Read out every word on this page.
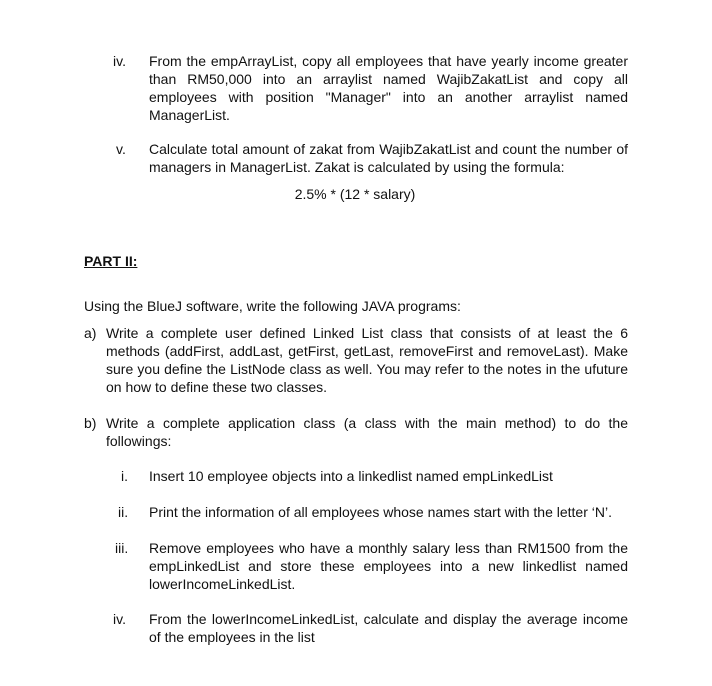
iv. From the empArrayList, copy all employees that have yearly income greater than RM50,000 into an arraylist named WajibZakatList and copy all employees with position "Manager" into an another arraylist named ManagerList.

v. Calculate total amount of zakat from WajibZakatList and count the number of managers in ManagerList. Zakat is calculated by using the formula:

2.5% * (12 * salary)
PART II:

Using the BlueJ software, write the following JAVA programs:

a) Write a complete user defined Linked List class that consists of at least the 6 methods (addFirst, addLast, getFirst, getLast, removeFirst and removeLast). Make sure you define the ListNode class as well. You may refer to the notes in the ufuture on how to define these two classes.

b) Write a complete application class (a class with the main method) to do the followings:

i. Insert 10 employee objects into a linkedlist named empLinkedList

ii. Print the information of all employees whose names start with the letter ‘N’.

iii. Remove employees who have a monthly salary less than RM1500 from the empLinkedList and store these employees into a new linkedlist named lowerIncomeLinkedList.

iv. From the lowerIncomeLinkedList, calculate and display the average income of the employees in the list
